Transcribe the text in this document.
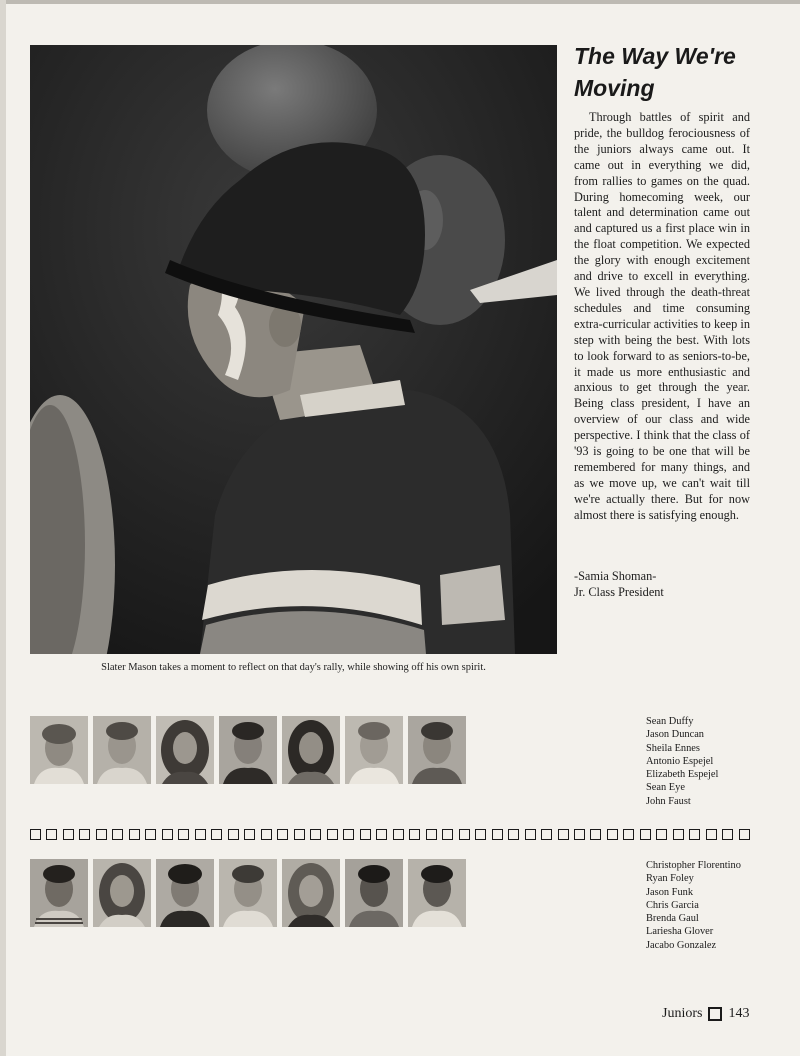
Slater Mason takes a moment to reflect on that day's rally, while showing off his own spirit.
The Way We're
Moving

Through battles of spirit and pride, the bulldog ferociousness of the juniors always came out. It came out in everything we did, from rallies to games on the quad. During homecoming week, our talent and determination came out and captured us a first place win in the float competition. We expected the glory with enough excitement and drive to excell in everything. We lived through the death-threat schedules and time consuming extra-curricular activities to keep in step with being the best. With lots to look forward to as seniors-to-be, it made us more enthusiastic and anxious to get through the year. Being class president, I have an overview of our class and wide perspective. I think that the class of '93 is going to be one that will be remembered for many things, and as we move up, we can't wait till we're actually there. But for now almost there is satisfying enough.

-Samia Shoman-
Jr. Class President
Sean Duffy
Jason Duncan
Sheila Ennes
Antonio Espejel
Elizabeth Espejel
Sean Eye
John Faust
Christopher Florentino
Ryan Foley
Jason Funk
Chris Garcia
Brenda Gaul
Lariesha Glover
Jacabo Gonzalez
Juniors 143
